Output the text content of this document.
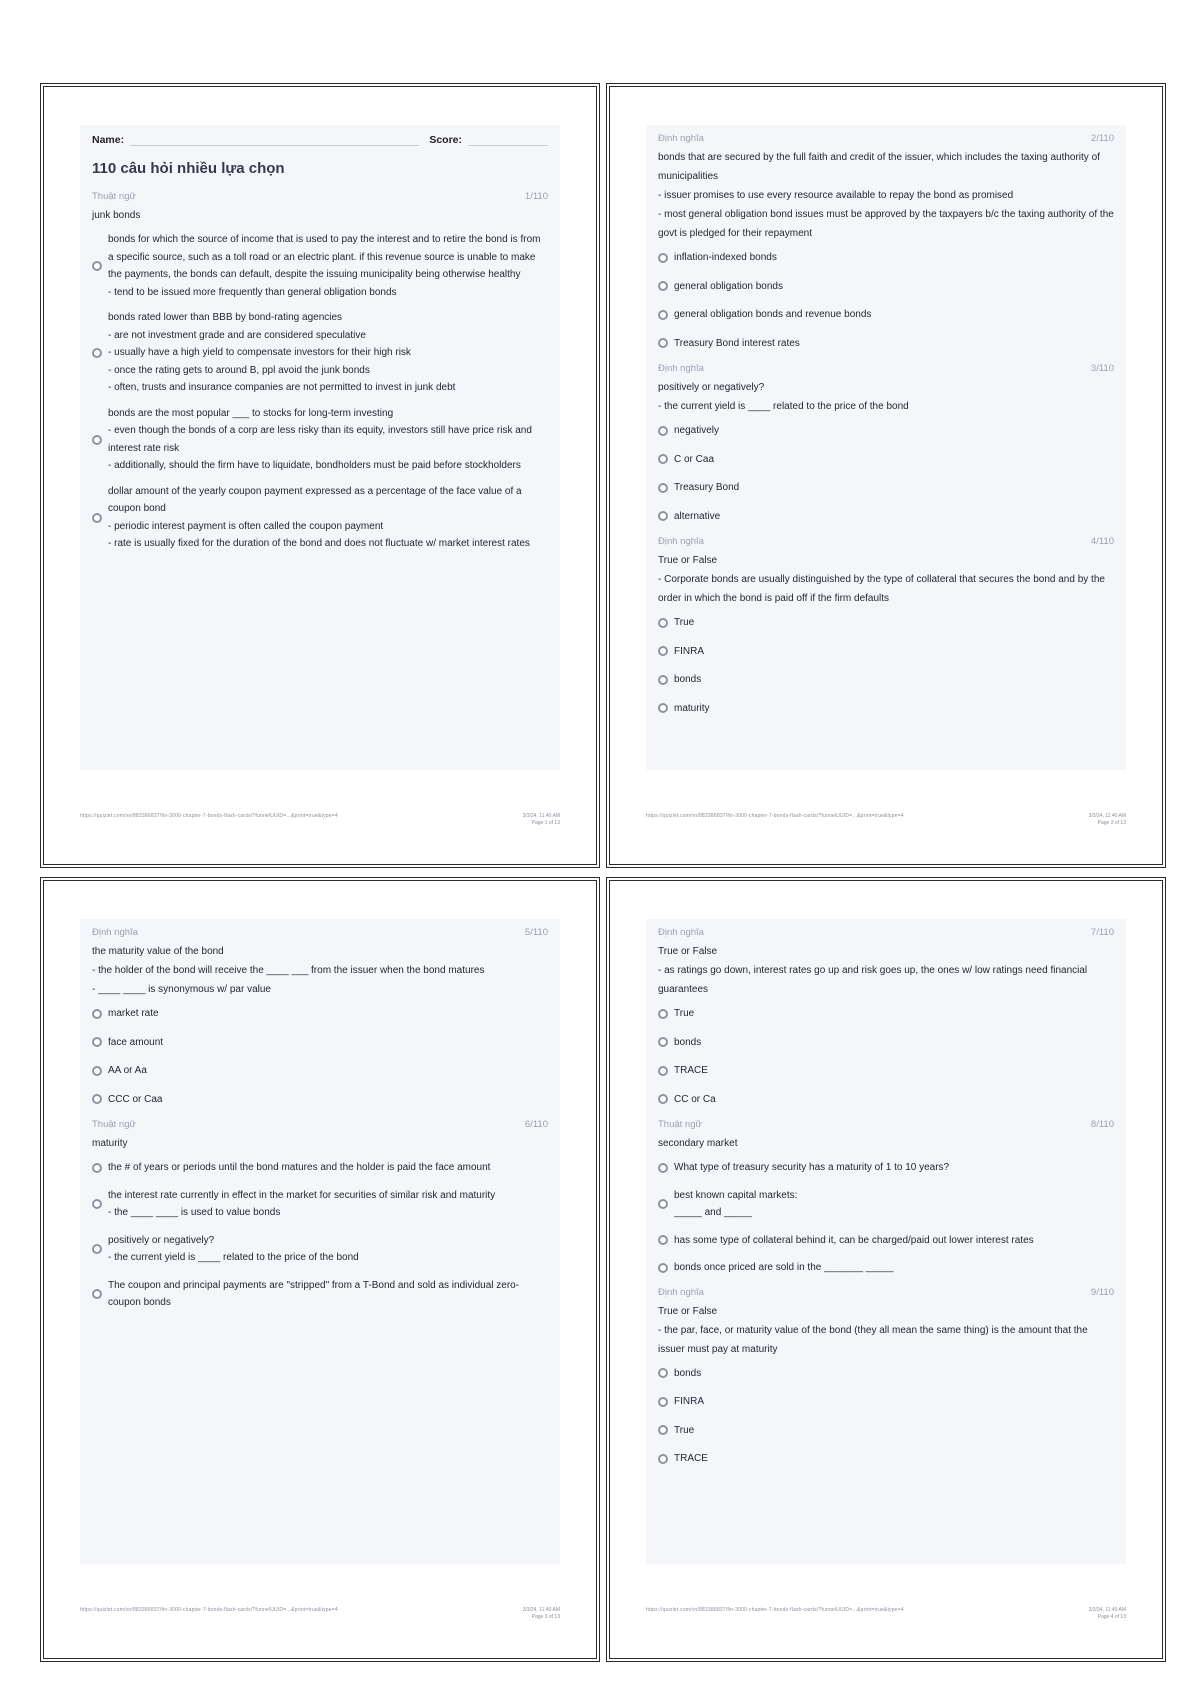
Name:	Score:
110 câu hỏi nhiều lựa chọn
Thuật ngữ	1/110
junk bonds
bonds for which the source of income that is used to pay the interest and to retire the bond is from a specific source, such as a toll road or an electric plant. if this revenue source is unable to make the payments, the bonds can default, despite the issuing municipality being otherwise healthy
- tend to be issued more frequently than general obligation bonds
bonds rated lower than BBB by bond-rating agencies
- are not investment grade and are considered speculative
- usually have a high yield to compensate investors for their high risk
- once the rating gets to around B, ppl avoid the junk bonds
- often, trusts and insurance companies are not permitted to invest in junk debt
bonds are the most popular ___ to stocks for long-term investing
- even though the bonds of a corp are less risky than its equity, investors still have price risk and interest rate risk
- additionally, should the firm have to liquidate, bondholders must be paid before stockholders
dollar amount of the yearly coupon payment expressed as a percentage of the face value of a coupon bond
- periodic interest payment is often called the coupon payment
- rate is usually fixed for the duration of the bond and does not fluctuate w/ market interest rates
https://quizlet.com/vn/883386837/fin-3000-chapter-7-bonds-flash-cards/?funnelUUID=...&print=true&type=4	3/3/24, 11:40 AM
Page 1 of 13
Định nghĩa	2/110
bonds that are secured by the full faith and credit of the issuer, which includes the taxing authority of municipalities
- issuer promises to use every resource available to repay the bond as promised
- most general obligation bond issues must be approved by the taxpayers b/c the taxing authority of the govt is pledged for their repayment
inflation-indexed bonds
general obligation bonds
general obligation bonds and revenue bonds
Treasury Bond interest rates
Định nghĩa	3/110
positively or negatively?
- the current yield is ____ related to the price of the bond
negatively
C or Caa
Treasury Bond
alternative
Định nghĩa	4/110
True or False
- Corporate bonds are usually distinguished by the type of collateral that secures the bond and by the order in which the bond is paid off if the firm defaults
True
FINRA
bonds
maturity
https://quizlet.com/vn/883386837/fin-3000-chapter-7-bonds-flash-cards/?funnelUUID=...&print=true&type=4	3/3/24, 11:40 AM
Page 2 of 13
Định nghĩa	5/110
the maturity value of the bond
- the holder of the bond will receive the ____ ___ from the issuer when the bond matures
- ____ ____ is synonymous w/ par value
market rate
face amount
AA or Aa
CCC or Caa
Thuật ngữ	6/110
maturity
the # of years or periods until the bond matures and the holder is paid the face amount
the interest rate currently in effect in the market for securities of similar risk and maturity
- the ____ ____ is used to value bonds
positively or negatively?
- the current yield is ____ related to the price of the bond
The coupon and principal payments are "stripped" from a T-Bond and sold as individual zero-coupon bonds
https://quizlet.com/vn/883386837/fin-3000-chapter-7-bonds-flash-cards/?funnelUUID=...&print=true&type=4	3/3/24, 11:40 AM
Page 3 of 13
Định nghĩa	7/110
True or False
- as ratings go down, interest rates go up and risk goes up, the ones w/ low ratings need financial guarantees
True
bonds
TRACE
CC or Ca
Thuật ngữ	8/110
secondary market
What type of treasury security has a maturity of 1 to 10 years?
best known capital markets:
_____ and _____
has some type of collateral behind it, can be charged/paid out lower interest rates
bonds once priced are sold in the _______ _____
Định nghĩa	9/110
True or False
- the par, face, or maturity value of the bond (they all mean the same thing) is the amount that the issuer must pay at maturity
bonds
FINRA
True
TRACE
https://quizlet.com/vn/883386837/fin-3000-chapter-7-bonds-flash-cards/?funnelUUID=...&print=true&type=4	3/3/24, 11:40 AM
Page 4 of 13
